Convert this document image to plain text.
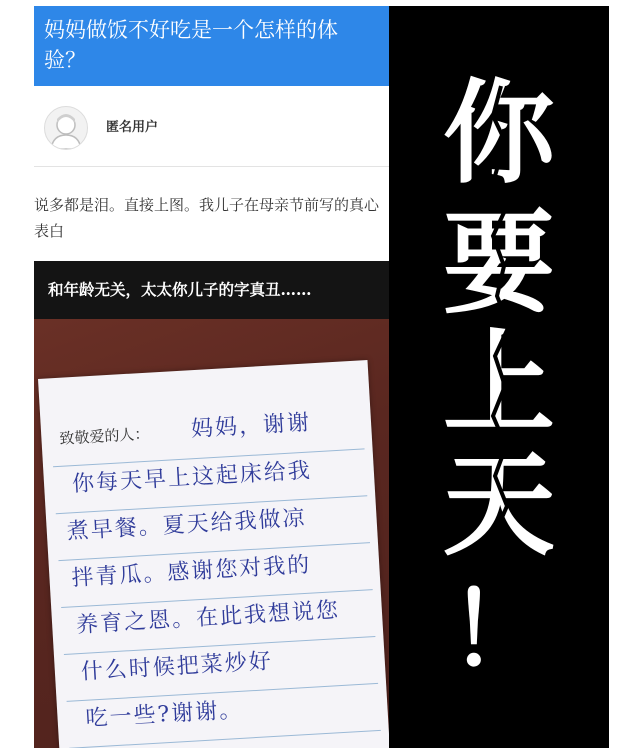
妈妈做饭不好吃是一个怎样的体验？
匿名用户
说多都是泪。直接上图。我儿子在母亲节前写的真心表白
和年龄无关，太太你儿子的字真丑……
致敬爱的人： 妈妈，谢谢
你每天早上这起床给我
煮早餐。夏天给我做凉
拌青瓜。感谢您对我的
养育之恩。在此我想说您
什么时候把菜炒好
吃一些?谢谢。
你
要
上
天
！
